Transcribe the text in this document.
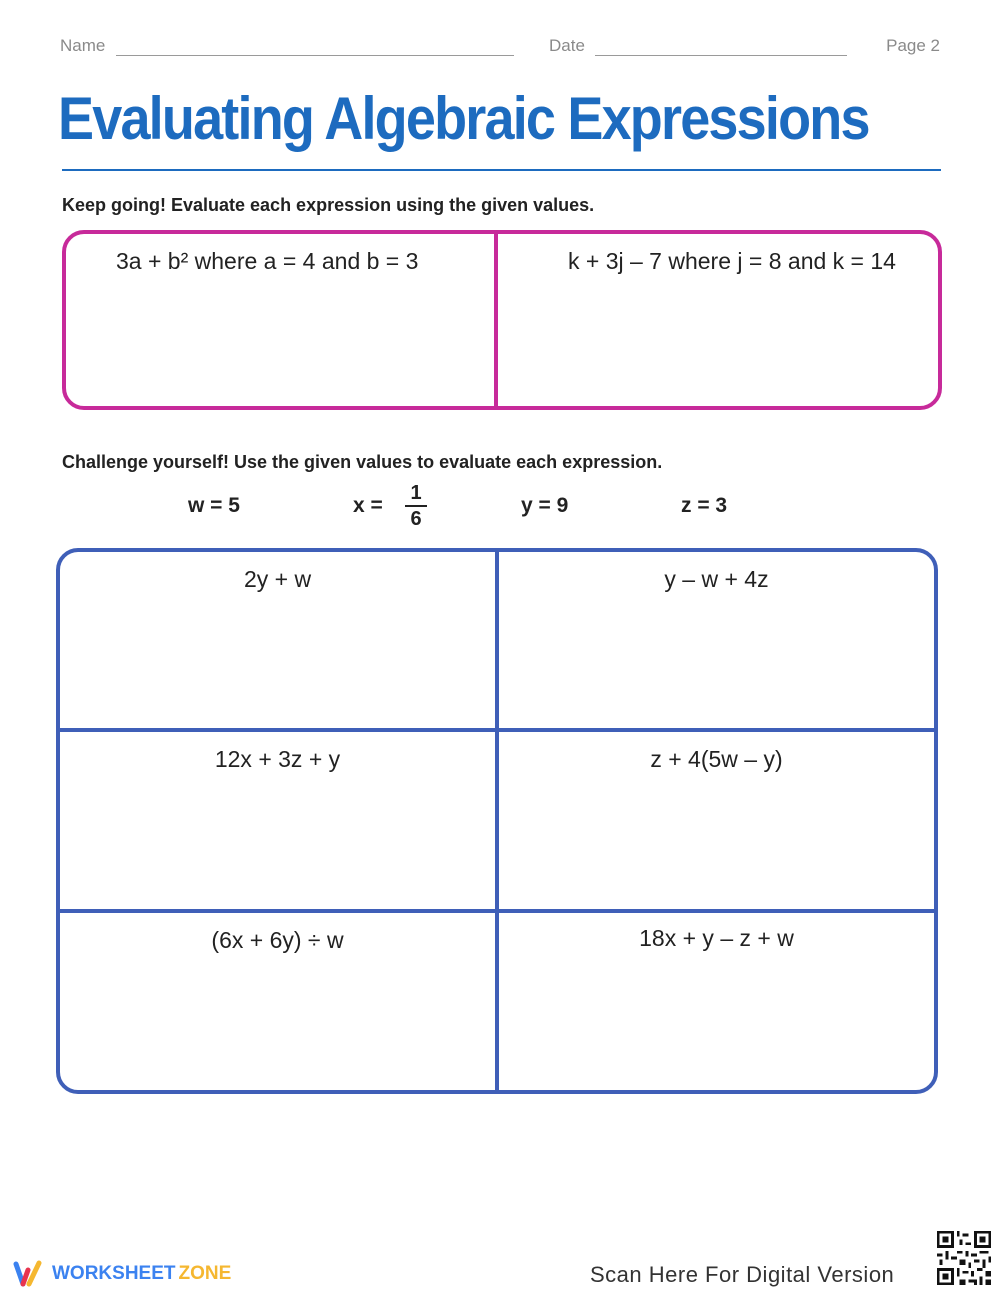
Name	Date	Page 2
Evaluating Algebraic Expressions
Keep going! Evaluate each expression using the given values.
3a + b² where a = 4 and b = 3	k + 3j – 7 where j = 8 and k = 14
Challenge yourself! Use the given values to evaluate each expression.
w = 5	x =
1
6
y = 9	z = 3
2y + w	y – w + 4z
12x + 3z + y	z + 4(5w – y)
(6x + 6y) ÷ w	18x + y – z + w
WORKSHEET ZONE	Scan Here For Digital Version
